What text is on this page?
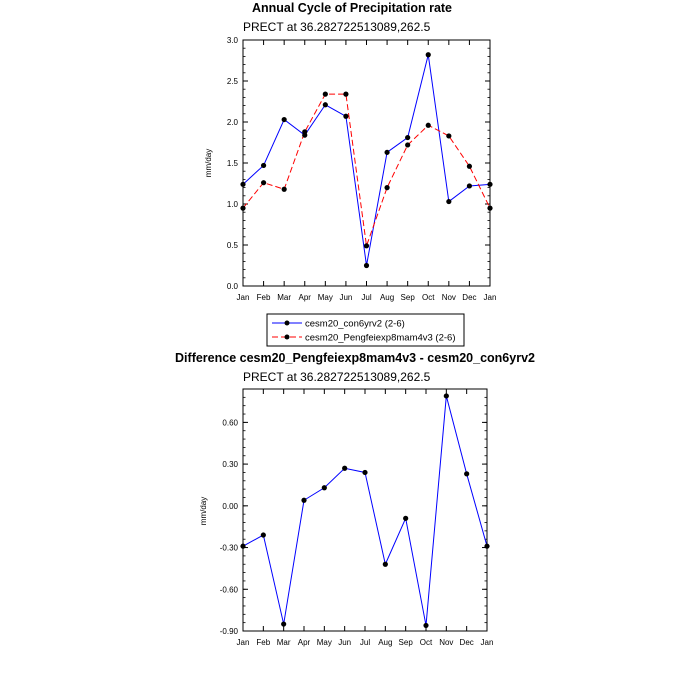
Annual Cycle of Precipitation rate
PRECT at 36.282722513089,262.5
mm/day
0.0
0.5
1.0
1.5
2.0
2.5
3.0
Jan Feb Mar Apr May Jun Jul Aug Sep Oct Nov Dec Jan
cesm20_con6yrv2 (2-6)
cesm20_Pengfeiexp8mam4v3 (2-6)
Difference cesm20_Pengfeiexp8mam4v3 - cesm20_con6yrv2
PRECT at 36.282722513089,262.5
mm/day
-0.90
-0.60
-0.30
0.00
0.30
0.60
Jan Feb Mar Apr May Jun Jul Aug Sep Oct Nov Dec Jan
